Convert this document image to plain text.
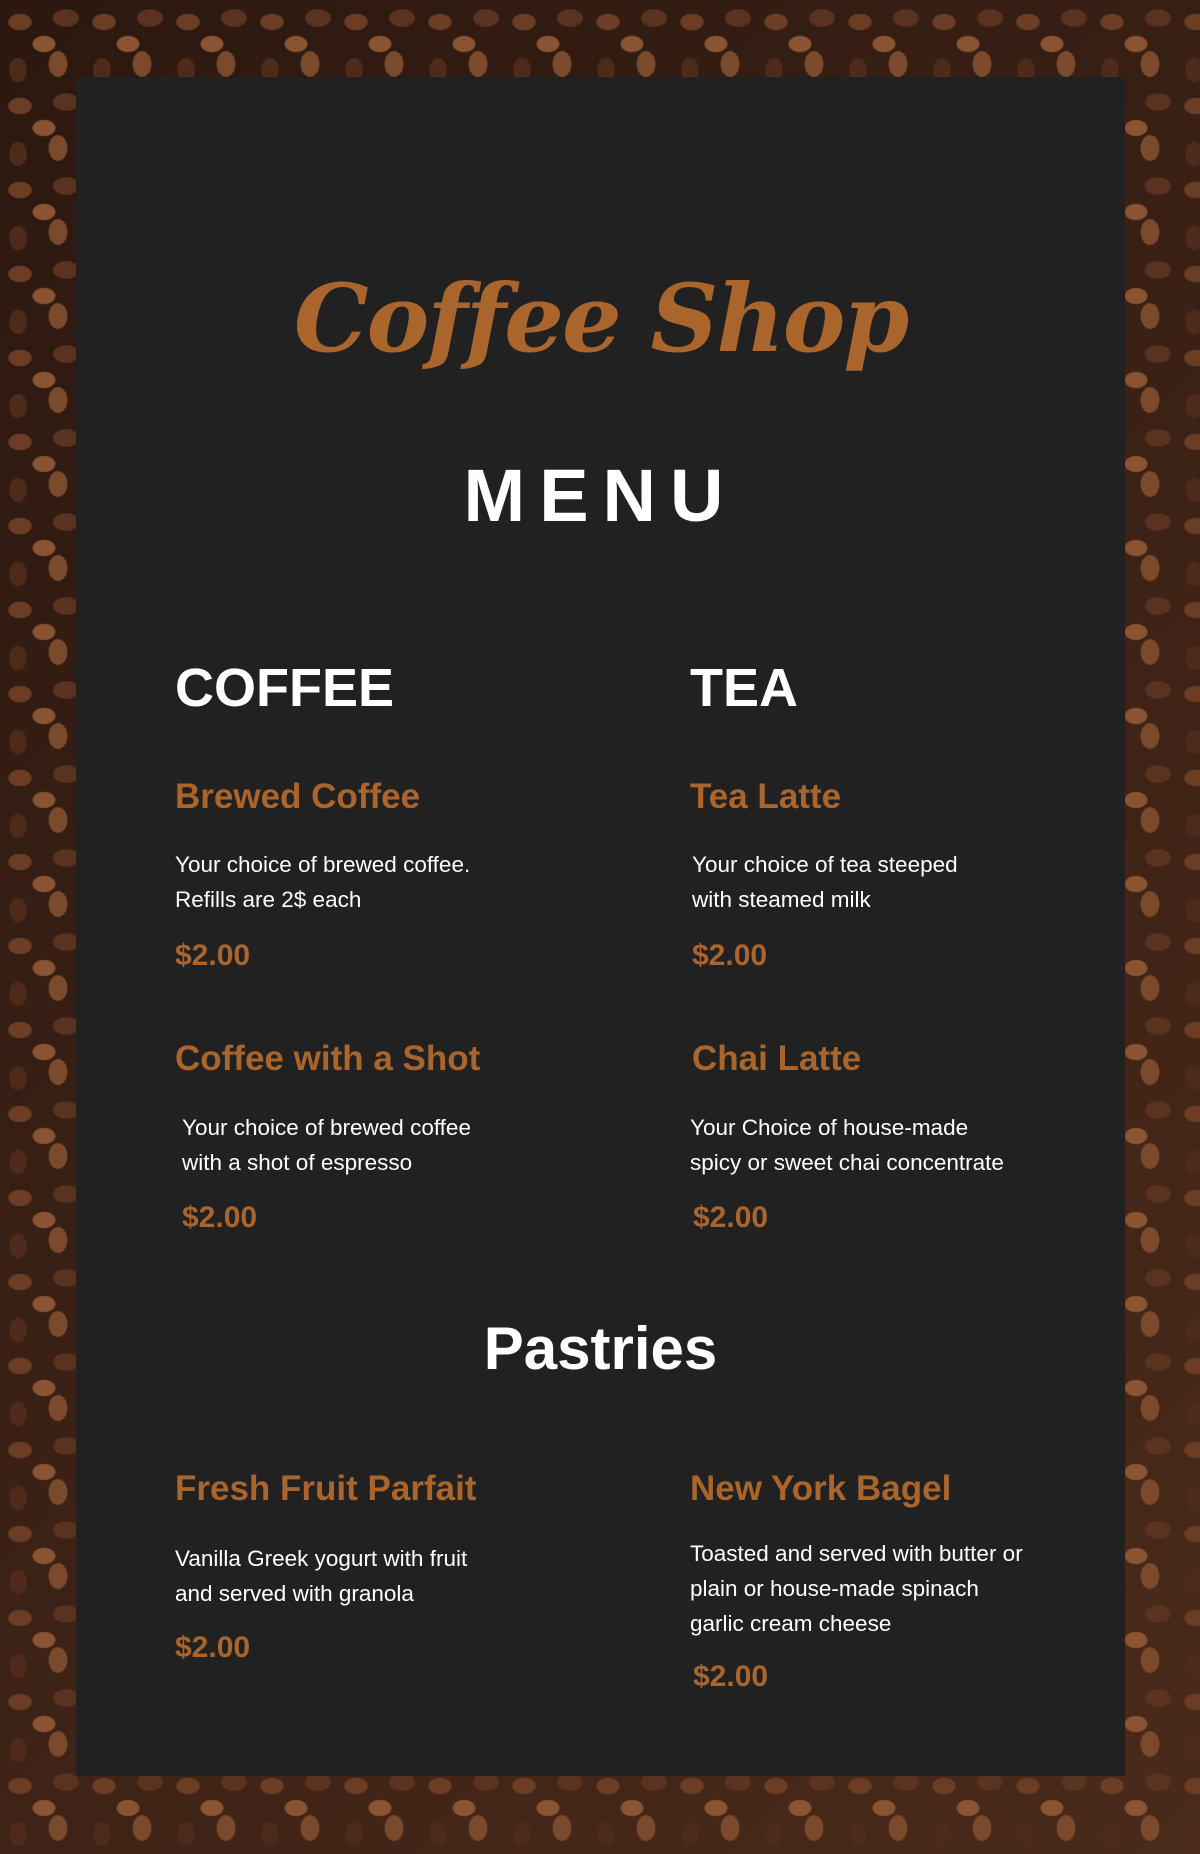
Coffee Shop
MENU
COFFEE
Brewed Coffee
Your choice of brewed coffee.
Refills are 2$ each
$2.00
Coffee with a Shot
Your choice of brewed coffee
with a shot of espresso
$2.00
TEA
Tea Latte
Your choice of tea steeped
with steamed milk
$2.00
Chai Latte
Your Choice of house-made
spicy or sweet chai concentrate
$2.00
Pastries
Fresh Fruit Parfait
Vanilla Greek yogurt with fruit
and served with granola
$2.00
New York Bagel
Toasted and served with butter or
plain or house-made spinach
garlic cream cheese
$2.00
